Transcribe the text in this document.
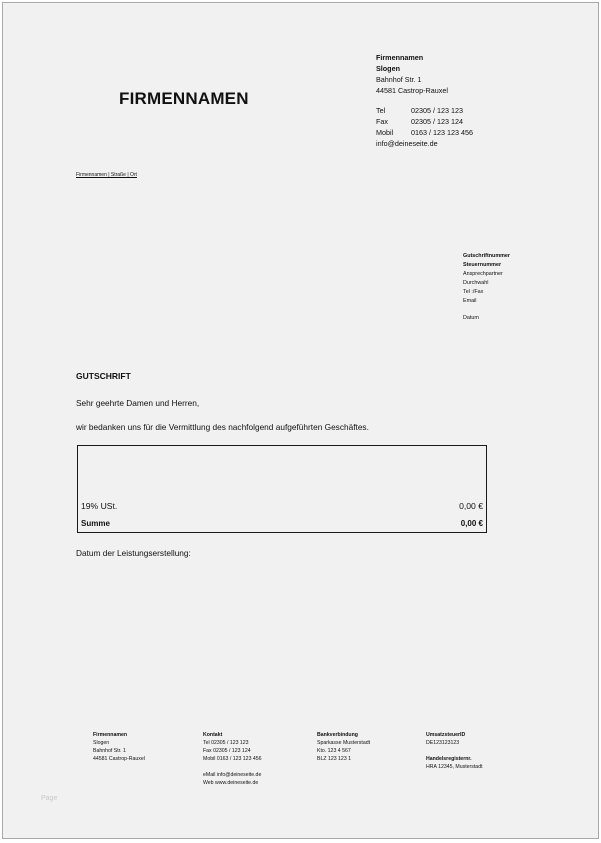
FIRMENNAMEN
Firmennamen
Slogen
Bahnhof Str. 1
44581 Castrop-Rauxel
Tel	02305 / 123 123
Fax	02305 / 123 124
Mobil	0163 / 123 123 456
info@deineseite.de
Firmennamen | Straße | Ort
Gutschriftnummer
Steuernummer
Ansprechpartner
Durchwahl
Tel :/Fax
Email
Datum
GUTSCHRIFT
Sehr geehrte Damen und Herren,
wir bedanken uns für die Vermittlung des nachfolgend aufgeführten Geschäftes.
19% USt.	0,00 €
Summe	0,00 €
Datum der Leistungserstellung:
Firmennamen
Slogen
Bahnhof Str. 1
44581 Castrop-Rauxel
Kontakt
Tel 02305 / 123 123
Fax 02305 / 123 124
Mobil 0163 / 123 123 456
eMail info@deineseite.de
Web www.deineseite.de
Bankverbindung
Sparkasse Musterstadt
Kto. 123 4 567
BLZ 123 123 1
UmsatzsteuerID
DE123123123
Handelsregisternr.
HRA 12345, Musterstadt
Page
